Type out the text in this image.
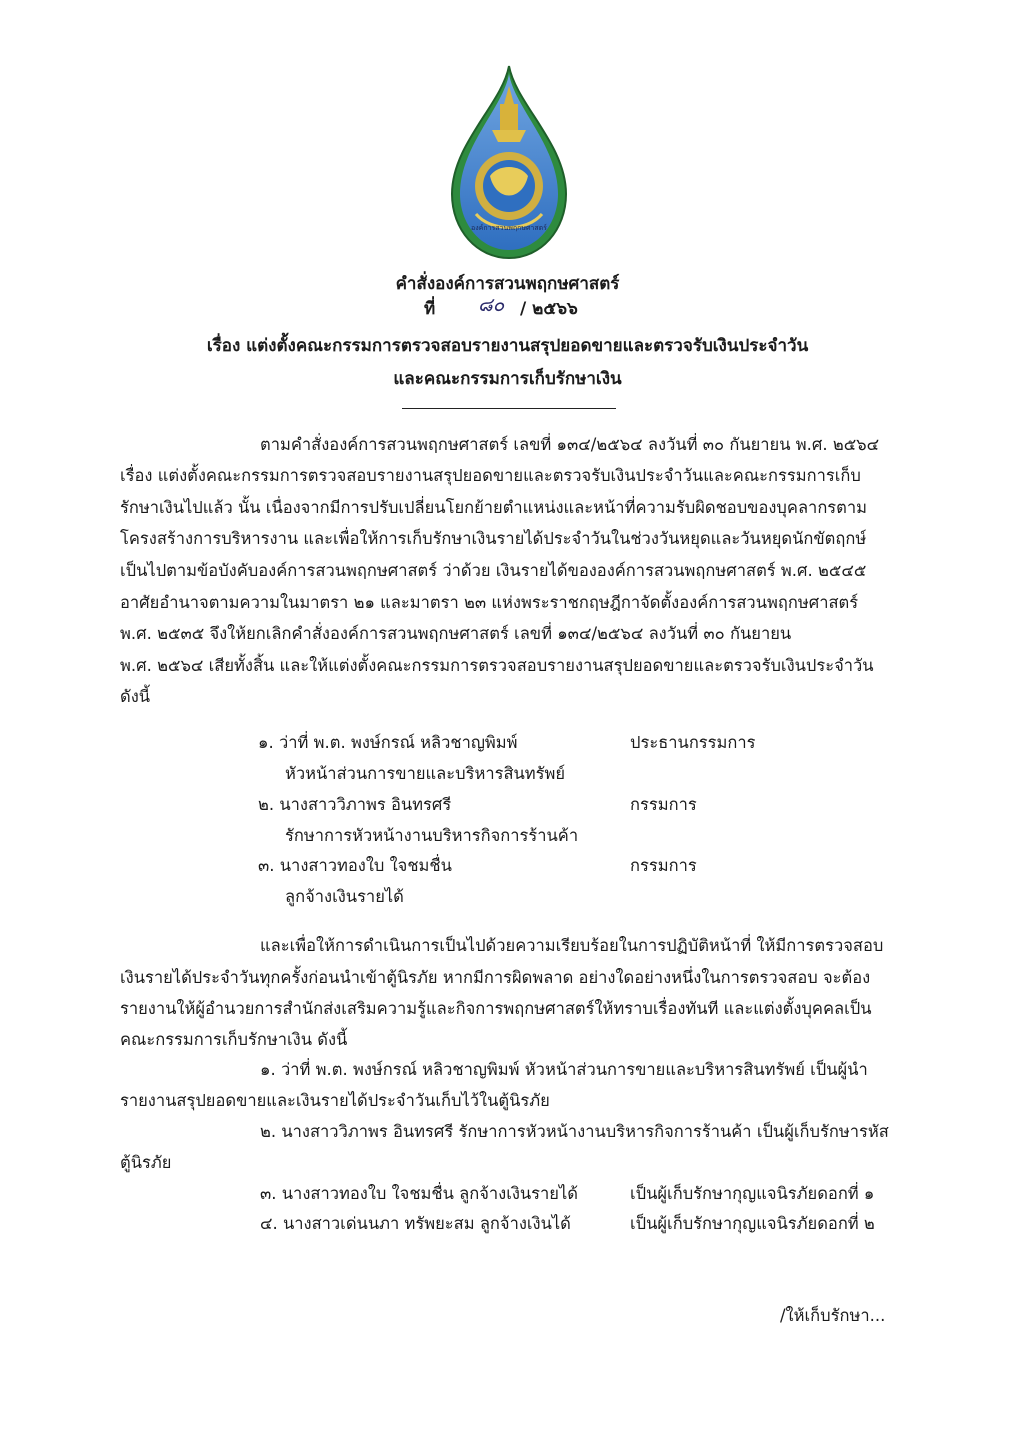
องค์การสวนพฤกษศาสตร์
คำสั่งองค์การสวนพฤกษศาสตร์
ที่ ๘๐ / ๒๕๖๖
เรื่อง แต่งตั้งคณะกรรมการตรวจสอบรายงานสรุปยอดขายและตรวจรับเงินประจำวัน
และคณะกรรมการเก็บรักษาเงิน
ตามคำสั่งองค์การสวนพฤกษศาสตร์ เลขที่ ๑๓๔/๒๕๖๔ ลงวันที่ ๓๐ กันยายน พ.ศ. ๒๕๖๔
เรื่อง แต่งตั้งคณะกรรมการตรวจสอบรายงานสรุปยอดขายและตรวจรับเงินประจำวันและคณะกรรมการเก็บ
รักษาเงินไปแล้ว นั้น เนื่องจากมีการปรับเปลี่ยนโยกย้ายตำแหน่งและหน้าที่ความรับผิดชอบของบุคลากรตาม
โครงสร้างการบริหารงาน และเพื่อให้การเก็บรักษาเงินรายได้ประจำวันในช่วงวันหยุดและวันหยุดนักขัตฤกษ์
เป็นไปตามข้อบังคับองค์การสวนพฤกษศาสตร์ ว่าด้วย เงินรายได้ขององค์การสวนพฤกษศาสตร์ พ.ศ. ๒๕๔๕
อาศัยอำนาจตามความในมาตรา ๒๑ และมาตรา ๒๓ แห่งพระราชกฤษฎีกาจัดตั้งองค์การสวนพฤกษศาสตร์
พ.ศ. ๒๕๓๕ จึงให้ยกเลิกคำสั่งองค์การสวนพฤกษศาสตร์ เลขที่ ๑๓๔/๒๕๖๔ ลงวันที่ ๓๐ กันยายน
พ.ศ. ๒๕๖๔ เสียทั้งสิ้น และให้แต่งตั้งคณะกรรมการตรวจสอบรายงานสรุปยอดขายและตรวจรับเงินประจำวัน
ดังนี้
๑. ว่าที่ พ.ต. พงษ์กรณ์ หลิวชาญพิมพ์	ประธานกรรมการ
หัวหน้าส่วนการขายและบริหารสินทรัพย์
๒. นางสาววิภาพร อินทรศรี	กรรมการ
รักษาการหัวหน้างานบริหารกิจการร้านค้า
๓. นางสาวทองใบ ใจชมชื่น	กรรมการ
ลูกจ้างเงินรายได้
และเพื่อให้การดำเนินการเป็นไปด้วยความเรียบร้อยในการปฏิบัติหน้าที่ ให้มีการตรวจสอบ
เงินรายได้ประจำวันทุกครั้งก่อนนำเข้าตู้นิรภัย หากมีการผิดพลาด อย่างใดอย่างหนึ่งในการตรวจสอบ จะต้อง
รายงานให้ผู้อำนวยการสำนักส่งเสริมความรู้และกิจการพฤกษศาสตร์ให้ทราบเรื่องทันที และแต่งตั้งบุคคลเป็น
คณะกรรมการเก็บรักษาเงิน ดังนี้
๑. ว่าที่ พ.ต. พงษ์กรณ์ หลิวชาญพิมพ์ หัวหน้าส่วนการขายและบริหารสินทรัพย์ เป็นผู้นำ
รายงานสรุปยอดขายและเงินรายได้ประจำวันเก็บไว้ในตู้นิรภัย
๒. นางสาววิภาพร อินทรศรี รักษาการหัวหน้างานบริหารกิจการร้านค้า เป็นผู้เก็บรักษารหัส
ตู้นิรภัย
๓. นางสาวทองใบ ใจชมชื่น ลูกจ้างเงินรายได้	เป็นผู้เก็บรักษากุญแจนิรภัยดอกที่ ๑
๔. นางสาวเด่นนภา ทรัพยะสม ลูกจ้างเงินได้	เป็นผู้เก็บรักษากุญแจนิรภัยดอกที่ ๒
/ให้เก็บรักษา...
